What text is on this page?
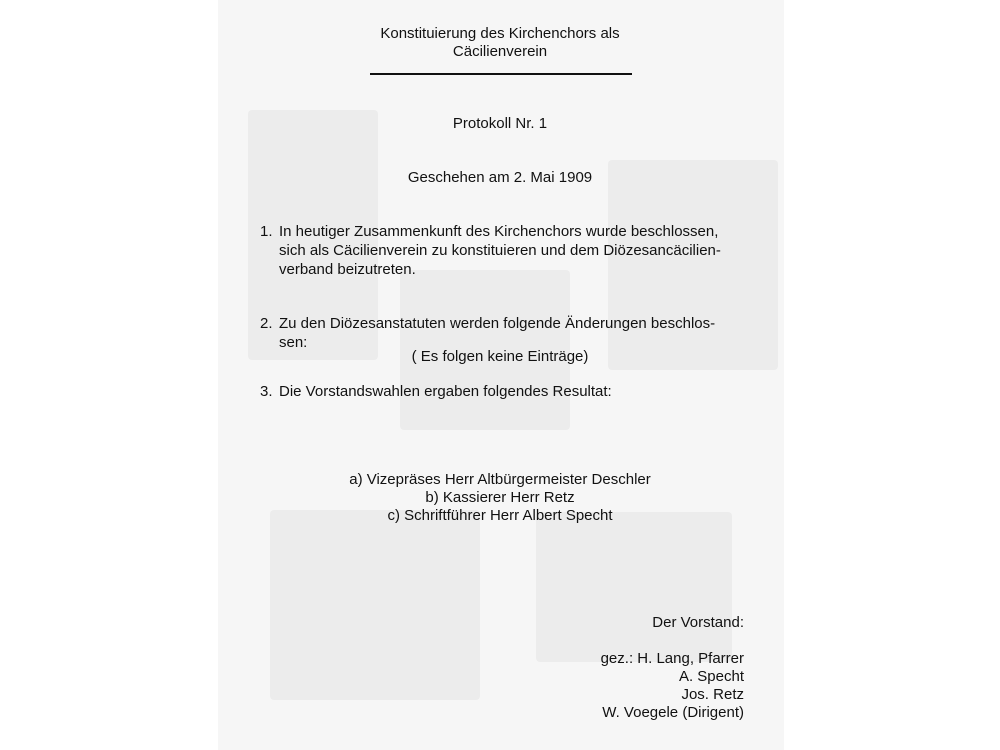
Konstituierung des Kirchenchors als
Cäcilienverein
Protokoll Nr. 1
Geschehen am 2. Mai 1909
1. In heutiger Zusammenkunft des Kirchenchors wurde beschlossen,
sich als Cäcilienverein zu konstituieren und dem Diözesancäcilien-
verband beizutreten.
2. Zu den Diözesanstatuten werden folgende Änderungen beschlos-
sen:
( Es folgen keine Einträge)
3. Die Vorstandswahlen ergaben folgendes Resultat:
a) Vizepräses Herr Altbürgermeister Deschler
b) Kassierer Herr Retz
c) Schriftführer Herr Albert Specht
Der Vorstand:
gez.: H. Lang, Pfarrer
A. Specht
Jos. Retz
W. Voegele (Dirigent)
